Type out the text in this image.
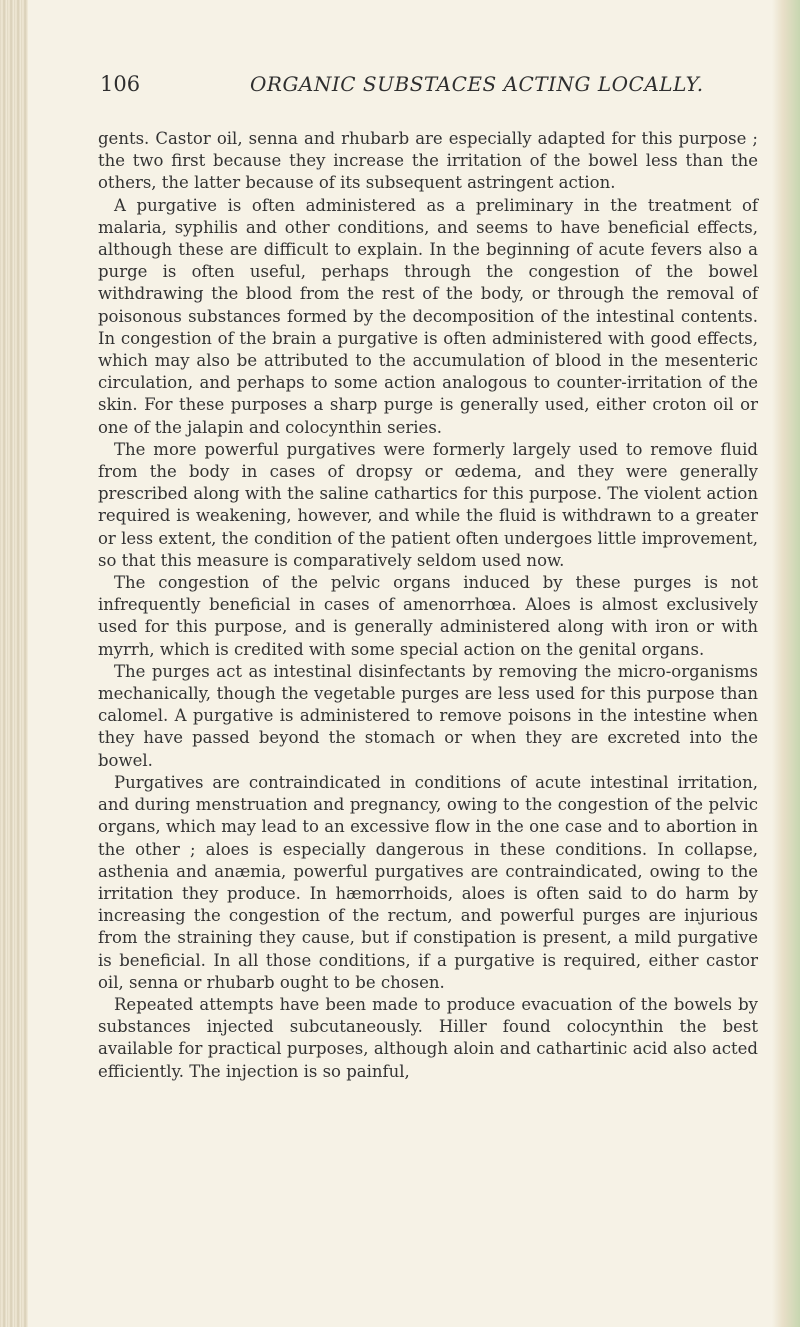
106	ORGANIC SUBSTACES ACTING LOCALLY.

gents. Castor oil, senna and rhubarb are especially adapted for this purpose ; the two first because they increase the irritation of the bowel less than the others, the latter because of its subsequent astringent action.

A purgative is often administered as a preliminary in the treatment of malaria, syphilis and other conditions, and seems to have beneficial effects, although these are difficult to explain. In the beginning of acute fevers also a purge is often useful, perhaps through the congestion of the bowel withdrawing the blood from the rest of the body, or through the removal of poisonous substances formed by the decomposition of the intestinal contents. In congestion of the brain a purgative is often administered with good effects, which may also be attributed to the accumulation of blood in the mesenteric circulation, and perhaps to some action analogous to counter-irritation of the skin. For these purposes a sharp purge is generally used, either croton oil or one of the jalapin and colocynthin series.

The more powerful purgatives were formerly largely used to remove fluid from the body in cases of dropsy or œdema, and they were generally prescribed along with the saline cathartics for this purpose. The violent action required is weakening, however, and while the fluid is withdrawn to a greater or less extent, the condition of the patient often undergoes little improvement, so that this measure is comparatively seldom used now.

The congestion of the pelvic organs induced by these purges is not infrequently beneficial in cases of amenorrhœa. Aloes is almost exclusively used for this purpose, and is generally administered along with iron or with myrrh, which is credited with some special action on the genital organs.

The purges act as intestinal disinfectants by removing the micro-organisms mechanically, though the vegetable purges are less used for this purpose than calomel. A purgative is administered to remove poisons in the intestine when they have passed beyond the stomach or when they are excreted into the bowel.

Purgatives are contraindicated in conditions of acute intestinal irritation, and during menstruation and pregnancy, owing to the congestion of the pelvic organs, which may lead to an excessive flow in the one case and to abortion in the other ; aloes is especially dangerous in these conditions. In collapse, asthenia and anæmia, powerful purgatives are contraindicated, owing to the irritation they produce. In hæmorrhoids, aloes is often said to do harm by increasing the congestion of the rectum, and powerful purges are injurious from the straining they cause, but if constipation is present, a mild purgative is beneficial. In all those conditions, if a purgative is required, either castor oil, senna or rhubarb ought to be chosen.

Repeated attempts have been made to produce evacuation of the bowels by substances injected subcutaneously. Hiller found colocynthin the best available for practical purposes, although aloin and cathartinic acid also acted efficiently. The injection is so painful,
